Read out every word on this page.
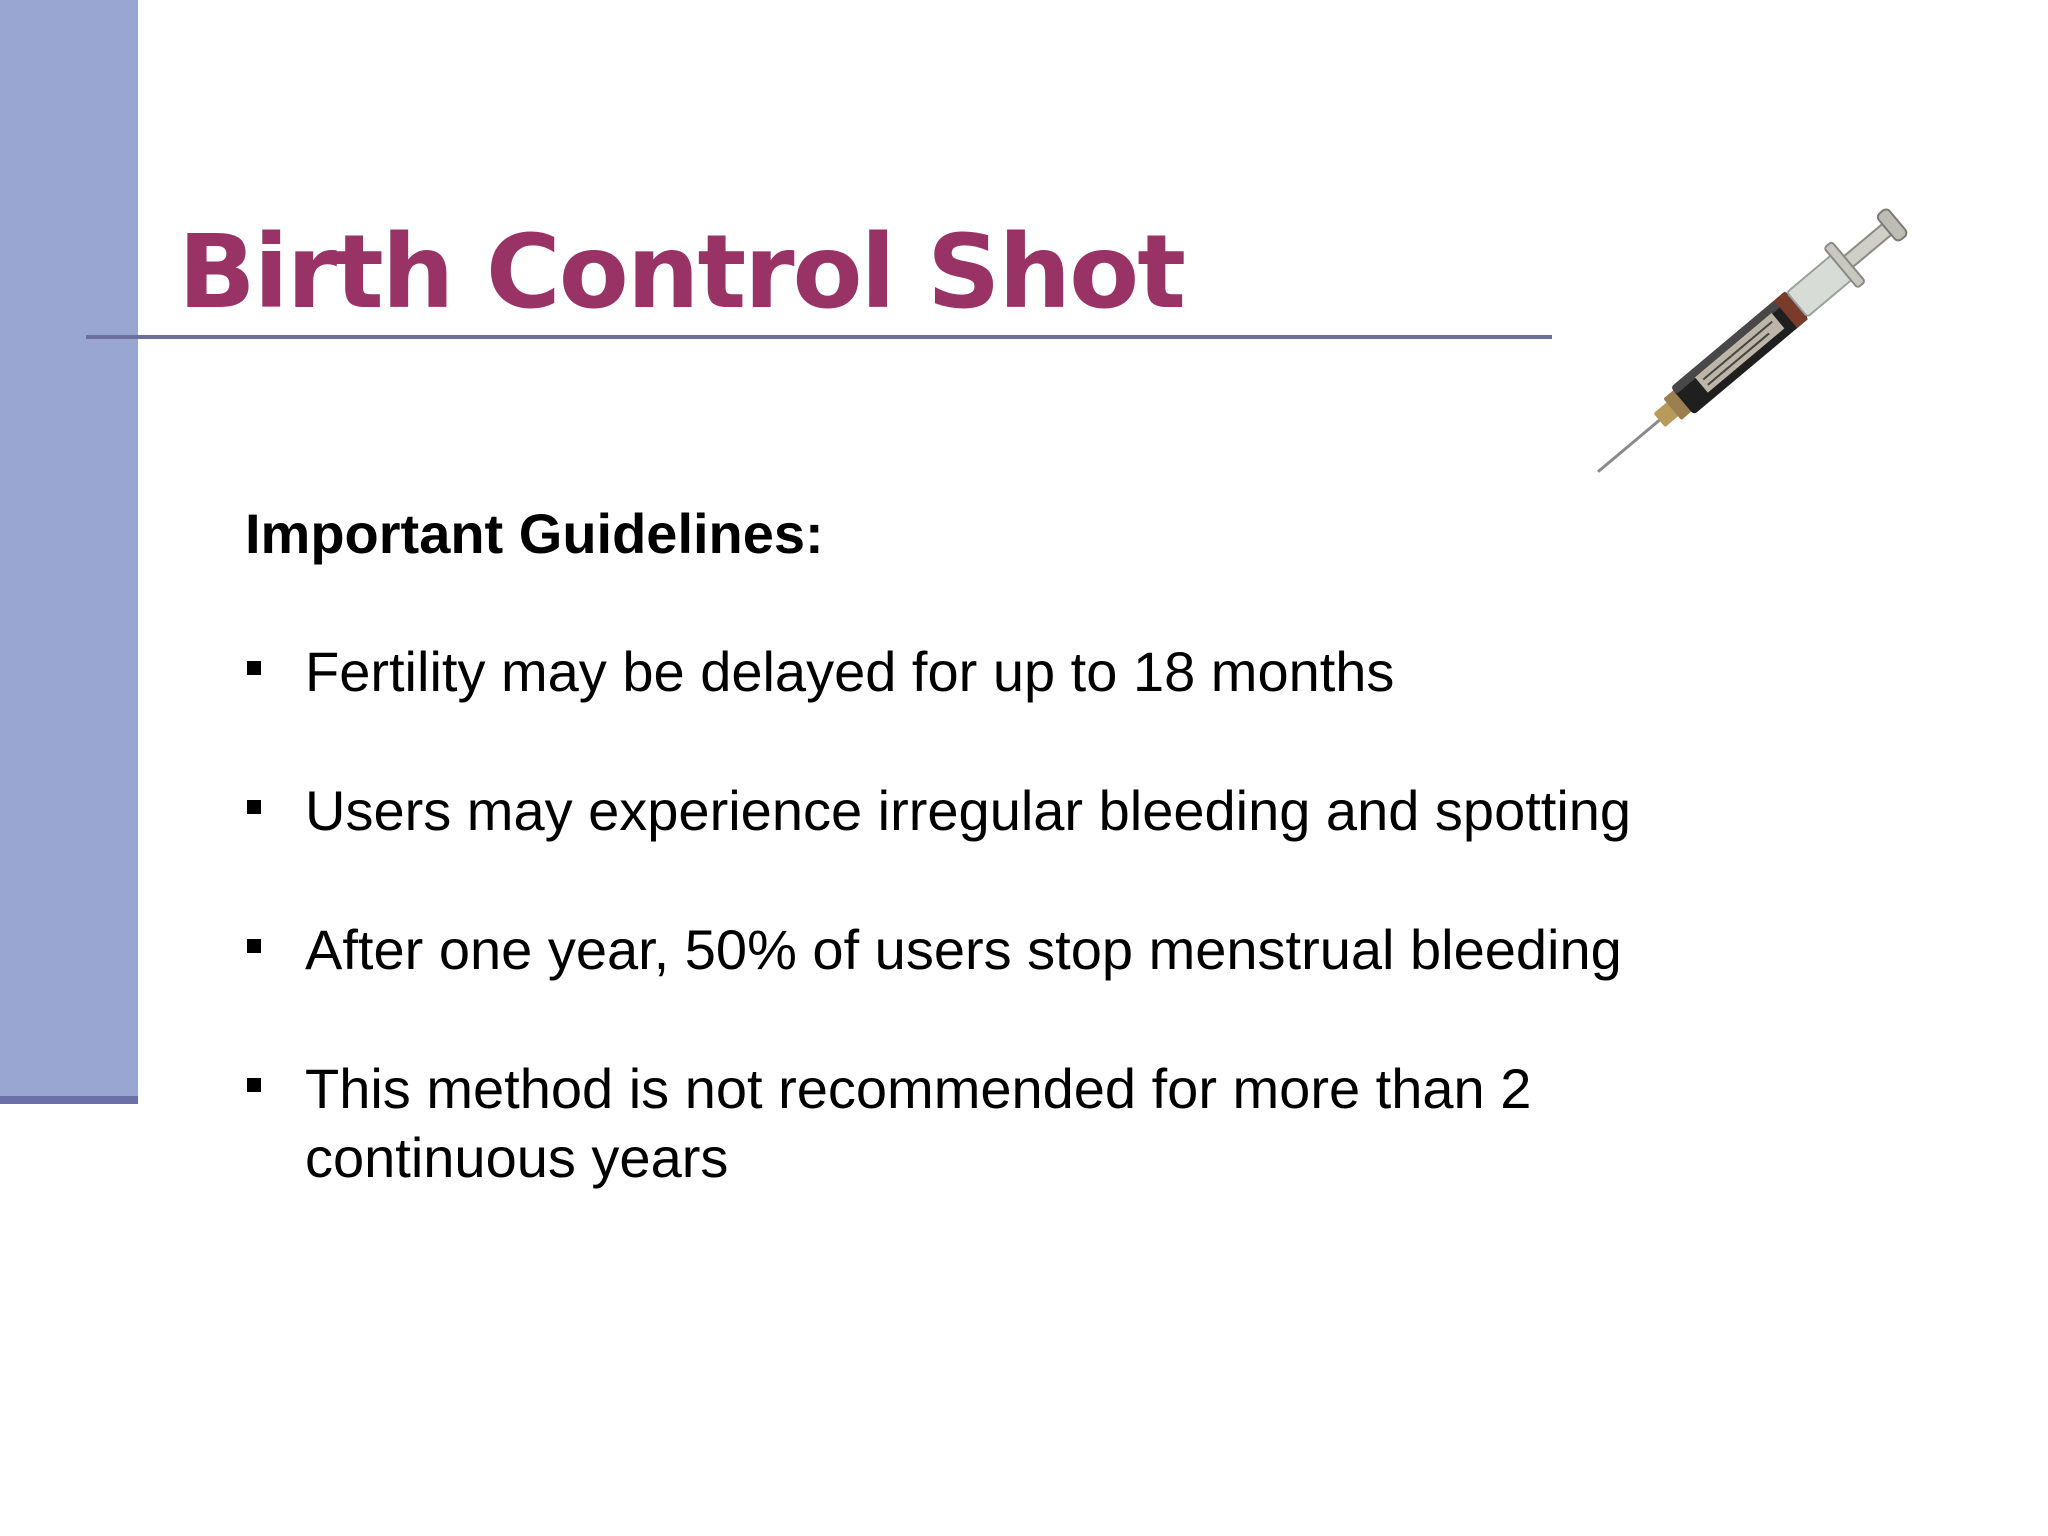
Birth Control Shot

Important Guidelines:

Fertility may be delayed for up to 18 months
Users may experience irregular bleeding and spotting
After one year, 50% of users stop menstrual bleeding
This method is not recommended for more than 2 continuous years
